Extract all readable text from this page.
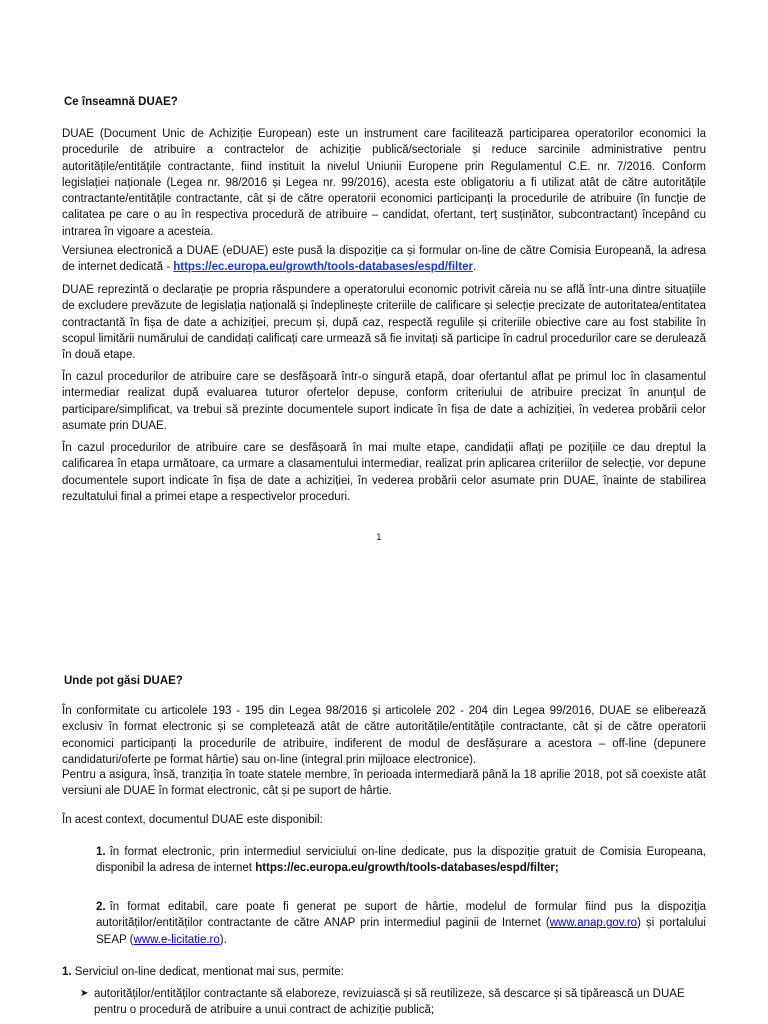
Ce înseamnă DUAE?

DUAE (Document Unic de Achiziție European) este un instrument care facilitează participarea operatorilor economici la procedurile de atribuire a contractelor de achiziție publică/sectoriale și reduce sarcinile administrative pentru autoritățile/entitățile contractante, fiind instituit la nivelul Uniunii Europene prin Regulamentul C.E. nr. 7/2016. Conform legislației naționale (Legea nr. 98/2016 și Legea nr. 99/2016), acesta este obligatoriu a fi utilizat atât de către autoritățile contractante/entitățile contractante, cât și de către operatorii economici participanți la procedurile de atribuire (în funcție de calitatea pe care o au în respectiva procedură de atribuire – candidat, ofertant, terț susținător, subcontractant) începând cu intrarea în vigoare a acesteia.

Versiunea electronică a DUAE (eDUAE) este pusă la dispoziție ca și formular on-line de către Comisia Europeană, la adresa de internet dedicată - https://ec.europa.eu/growth/tools-databases/espd/filter.

DUAE reprezintă o declarație pe propria răspundere a operatorului economic potrivit căreia nu se află într-una dintre situațiile de excludere prevăzute de legislația națională și îndeplinește criteriile de calificare și selecție precizate de autoritatea/entitatea contractantă în fișa de date a achiziției, precum și, după caz, respectă regulile și criteriile obiective care au fost stabilite în scopul limitării numărului de candidați calificați care urmează să fie invitați să participe în cadrul procedurilor care se derulează în două etape.

În cazul procedurilor de atribuire care se desfășoară într-o singură etapă, doar ofertantul aflat pe primul loc în clasamentul intermediar realizat după evaluarea tuturor ofertelor depuse, conform criteriului de atribuire precizat în anunțul de participare/simplificat, va trebui să prezinte documentele suport indicate în fișa de date a achiziției, în vederea probării celor asumate prin DUAE.

În cazul procedurilor de atribuire care se desfășoară în mai multe etape, candidații aflați pe pozițiile ce dau dreptul la calificarea în etapa următoare, ca urmare a clasamentului intermediar, realizat prin aplicarea criteriilor de selecție, vor depune documentele suport indicate în fișa de date a achiziției, în vederea probării celor asumate prin DUAE, înainte de stabilirea rezultatului final a primei etape a respectivelor proceduri.

1
Unde pot găsi DUAE?

În conformitate cu articolele 193 - 195 din Legea 98/2016 și articolele 202 - 204 din Legea 99/2016, DUAE se eliberează exclusiv în format electronic și se completează atât de către autoritățile/entitățile contractante, cât și de către operatorii economici participanți la procedurile de atribuire, indiferent de modul de desfășurare a acestora – off-line (depunere candidaturi/oferte pe format hârtie) sau on-line (integral prin mijloace electronice).

Pentru a asigura, însă, tranziția în toate statele membre, în perioada intermediară până la 18 aprilie 2018, pot să coexiste atât versiuni ale DUAE în format electronic, cât și pe suport de hârtie.

În acest context, documentul DUAE este disponibil:

1. în format electronic, prin intermediul serviciului on-line dedicate, pus la dispoziție gratuit de Comisia Europeana, disponibil la adresa de internet https://ec.europa.eu/growth/tools-databases/espd/filter;

2. în format editabil, care poate fi generat pe suport de hârtie, modelul de formular fiind pus la dispoziția autorităților/entităților contractante de către ANAP prin intermediul paginii de Internet (www.anap.gov.ro) și portalului SEAP (www.e-licitatie.ro).

1. Serviciul on-line dedicat, mentionat mai sus, permite:

➤ autorităților/entităților contractante să elaboreze, revizuiască și să reutilizeze, să descarce și să tipărească un DUAE pentru o procedură de atribuire a unui contract de achiziție publică;
